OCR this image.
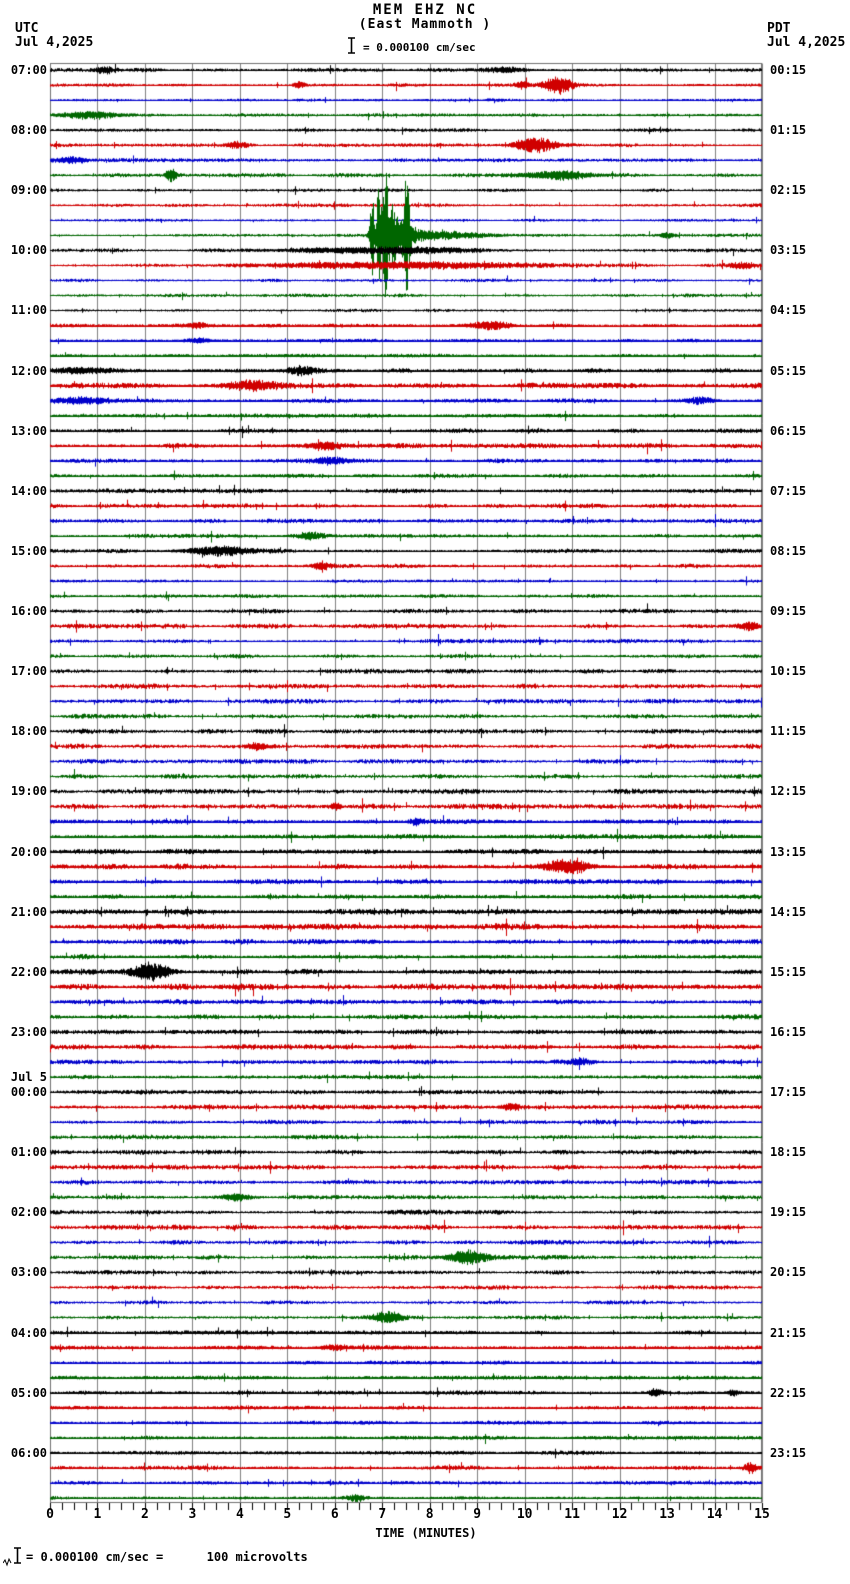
MEM EHZ NC
(East Mammoth )
UTC
Jul 4,2025
PDT
Jul 4,2025
= 0.000100 cm/sec
TIME (MINUTES)
= 0.000100 cm/sec =      100 microvolts
07:00
08:00
09:00
10:00
11:00
12:00
13:00
14:00
15:00
16:00
17:00
18:00
19:00
20:00
21:00
22:00
23:00
Jul 5
00:00
01:00
02:00
03:00
04:00
05:00
06:00
00:15
01:15
02:15
03:15
04:15
05:15
06:15
07:15
08:15
09:15
10:15
11:15
12:15
13:15
14:15
15:15
16:15
17:15
18:15
19:15
20:15
21:15
22:15
23:15
0	1	2	3	4	5	6	7	8	9	10 11 12 13 14 15
